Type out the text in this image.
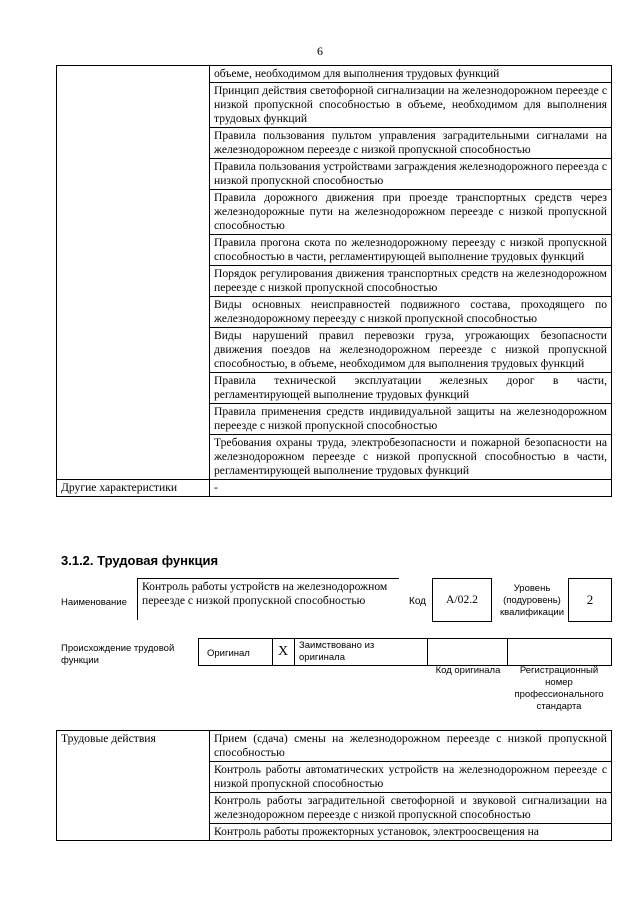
6
	объеме, необходимом для выполнения трудовых функций
	Принцип действия светофорной сигнализации на железнодорожном переезде с низкой пропускной способностью в объеме, необходимом для выполнения трудовых функций
	Правила пользования пультом управления заградительными сигналами на железнодорожном переезде с низкой пропускной способностью
	Правила пользования устройствами заграждения железнодорожного переезда с низкой пропускной способностью
	Правила дорожного движения при проезде транспортных средств через железнодорожные пути на железнодорожном переезде с низкой пропускной способностью
	Правила прогона скота по железнодорожному переезду с низкой пропускной способностью в части, регламентирующей выполнение трудовых функций
	Порядок регулирования движения транспортных средств на железнодорожном переезде с низкой пропускной способностью
	Виды основных неисправностей подвижного состава, проходящего по железнодорожному переезду с низкой пропускной способностью
	Виды нарушений правил перевозки груза, угрожающих безопасности движения поездов на железнодорожном переезде с низкой пропускной способностью, в объеме, необходимом для выполнения трудовых функций
	Правила технической эксплуатации железных дорог в части, регламентирующей выполнение трудовых функций
	Правила применения средств индивидуальной защиты на железнодорожном переезде с низкой пропускной способностью
	Требования охраны труда, электробезопасности и пожарной безопасности на железнодорожном переезде с низкой пропускной способностью в части, регламентирующей выполнение трудовых функций
Другие характеристики	-
3.1.2. Трудовая функция
Наименование
Контроль работы устройств на железнодорожном переезде с низкой пропускной способностью	Код А/02.2
Уровень (подуровень) квалификации
2
Происхождение трудовой функции
Оригинал X Заимствовано из оригинала
Код оригинала	Регистрационный номер профессионального стандарта
Трудовые действия	Прием (сдача) смены на железнодорожном переезде с низкой пропускной способностью
Контроль работы автоматических устройств на железнодорожном переезде с низкой пропускной способностью
Контроль работы заградительной светофорной и звуковой сигнализации на железнодорожном переезде с низкой пропускной способностью
Контроль работы прожекторных установок, электроосвещения на
